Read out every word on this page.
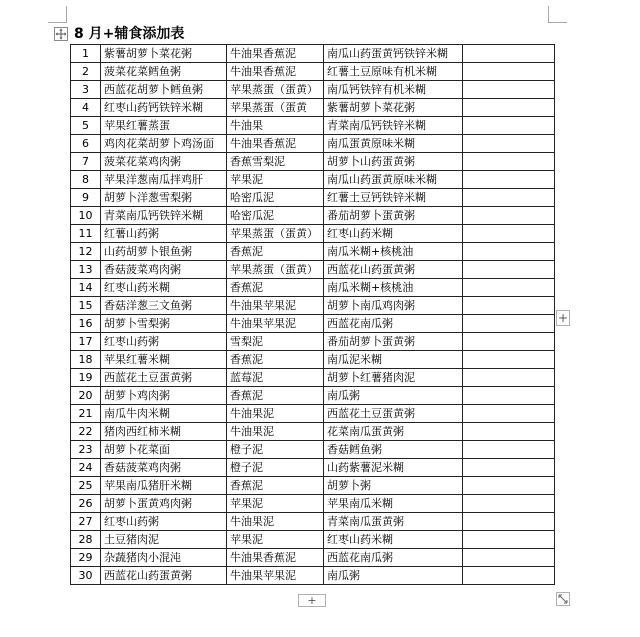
8 月+辅食添加表
1	紫薯胡萝卜菜花粥	牛油果香蕉泥	南瓜山药蛋黄钙铁锌米糊	
2	菠菜花菜鳕鱼粥	牛油果香蕉泥	红薯土豆原味有机米糊	
3	西蓝花胡萝卜鳕鱼粥	苹果蒸蛋（蛋黄）	南瓜钙铁锌有机米糊	
4	红枣山药钙铁锌米糊	苹果蒸蛋（蛋黄	紫薯胡萝卜菜花粥	
5	苹果红薯蒸蛋	牛油果	青菜南瓜钙铁锌米糊	
6	鸡肉花菜胡萝卜鸡汤面	牛油果香蕉泥	南瓜蛋黄原味米糊	
7	菠菜花菜鸡肉粥	香蕉雪梨泥	胡萝卜山药蛋黄粥	
8	苹果洋葱南瓜拌鸡肝	苹果泥	南瓜山药蛋黄原味米糊	
9	胡萝卜洋葱雪梨粥	哈密瓜泥	红薯土豆钙铁锌米糊	
10	青菜南瓜钙铁锌米糊	哈密瓜泥	番茄胡萝卜蛋黄粥	
11	红薯山药粥	苹果蒸蛋（蛋黄）	红枣山药米糊	
12	山药胡萝卜银鱼粥	香蕉泥	南瓜米糊+核桃油	
13	香菇菠菜鸡肉粥	苹果蒸蛋（蛋黄）	西蓝花山药蛋黄粥	
14	红枣山药米糊	香蕉泥	南瓜米糊+核桃油	
15	香菇洋葱三文鱼粥	牛油果苹果泥	胡萝卜南瓜鸡肉粥	
16	胡萝卜雪梨粥	牛油果苹果泥	西蓝花南瓜粥	
17	红枣山药粥	雪梨泥	番茄胡萝卜蛋黄粥	
18	苹果红薯米糊	香蕉泥	南瓜泥米糊	
19	西蓝花土豆蛋黄粥	蓝莓泥	胡萝卜红薯猪肉泥	
20	胡萝卜鸡肉粥	香蕉泥	南瓜粥	
21	南瓜牛肉米糊	牛油果泥	西蓝花土豆蛋黄粥	
22	猪肉西红柿米糊	牛油果泥	花菜南瓜蛋黄粥	
23	胡萝卜花菜面	橙子泥	香菇鳕鱼粥	
24	香菇菠菜鸡肉粥	橙子泥	山药紫薯泥米糊	
25	苹果南瓜猪肝米糊	香蕉泥	胡萝卜粥	
26	胡萝卜蛋黄鸡肉粥	苹果泥	苹果南瓜米糊	
27	红枣山药粥	牛油果泥	青菜南瓜蛋黄粥	
28	土豆猪肉泥	苹果泥	红枣山药米糊	
29	杂蔬猪肉小混沌	牛油果香蕉泥	西蓝花南瓜粥	
30	西蓝花山药蛋黄粥	牛油果苹果泥	南瓜粥	
+
+
